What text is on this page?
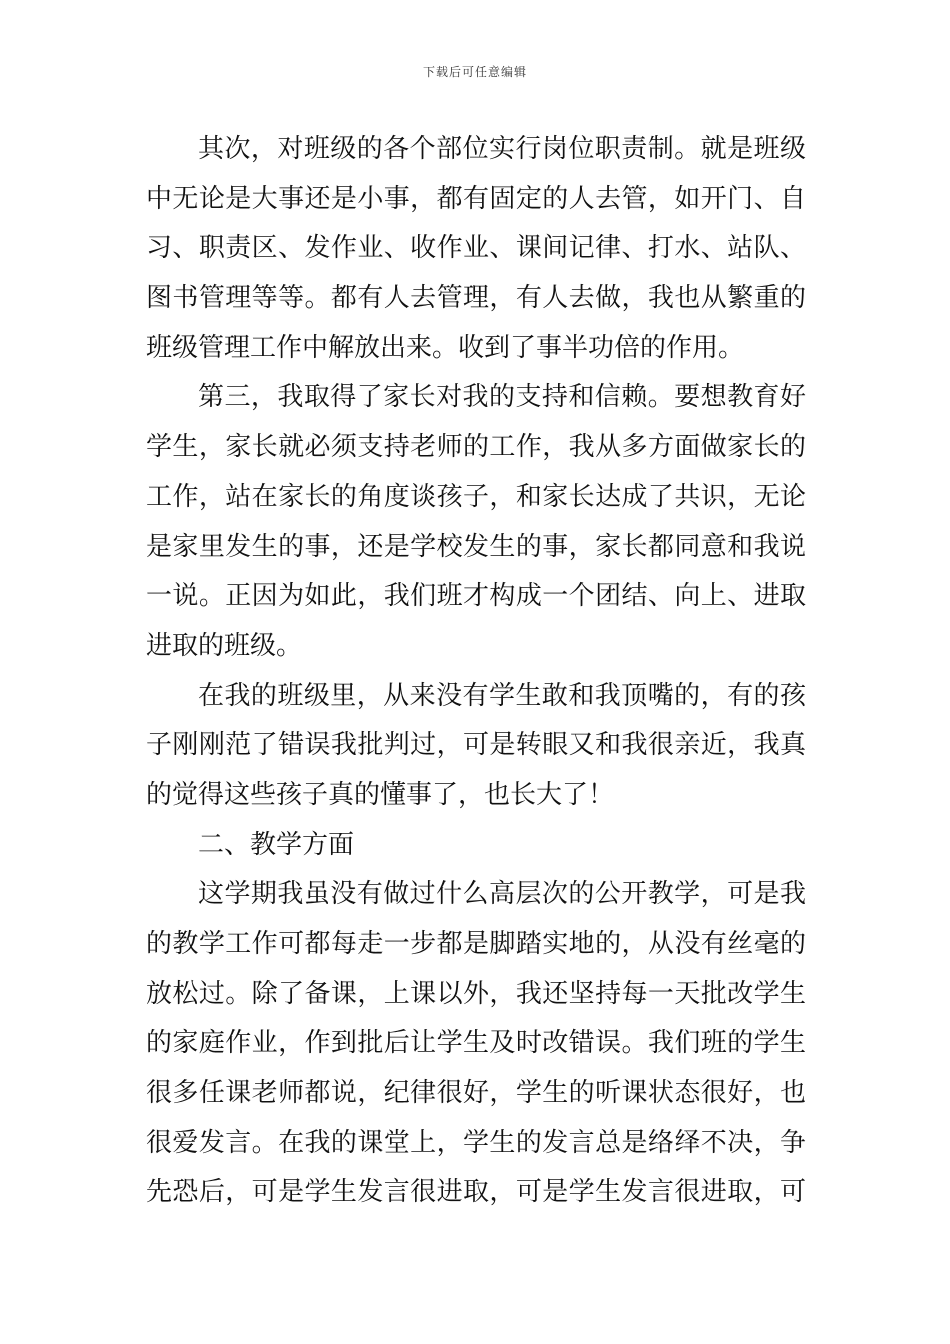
下载后可任意编辑
其次，对班级的各个部位实行岗位职责制。就是班级
中无论是大事还是小事，都有固定的人去管，如开门、自
习、职责区、发作业、收作业、课间记律、打水、站队、
图书管理等等。都有人去管理，有人去做，我也从繁重的
班级管理工作中解放出来。收到了事半功倍的作用。
第三，我取得了家长对我的支持和信赖。要想教育好
学生，家长就必须支持老师的工作，我从多方面做家长的
工作，站在家长的角度谈孩子，和家长达成了共识，无论
是家里发生的事，还是学校发生的事，家长都同意和我说
一说。正因为如此，我们班才构成一个团结、向上、进取
进取的班级。
在我的班级里，从来没有学生敢和我顶嘴的，有的孩
子刚刚范了错误我批判过，可是转眼又和我很亲近，我真
的觉得这些孩子真的懂事了，也长大了！
二、教学方面
这学期我虽没有做过什么高层次的公开教学，可是我
的教学工作可都每走一步都是脚踏实地的，从没有丝毫的
放松过。除了备课，上课以外，我还坚持每一天批改学生
的家庭作业，作到批后让学生及时改错误。我们班的学生
很多任课老师都说，纪律很好，学生的听课状态很好，也
很爱发言。在我的课堂上，学生的发言总是络绎不决，争
先恐后，可是学生发言很进取，可是学生发言很进取，可
